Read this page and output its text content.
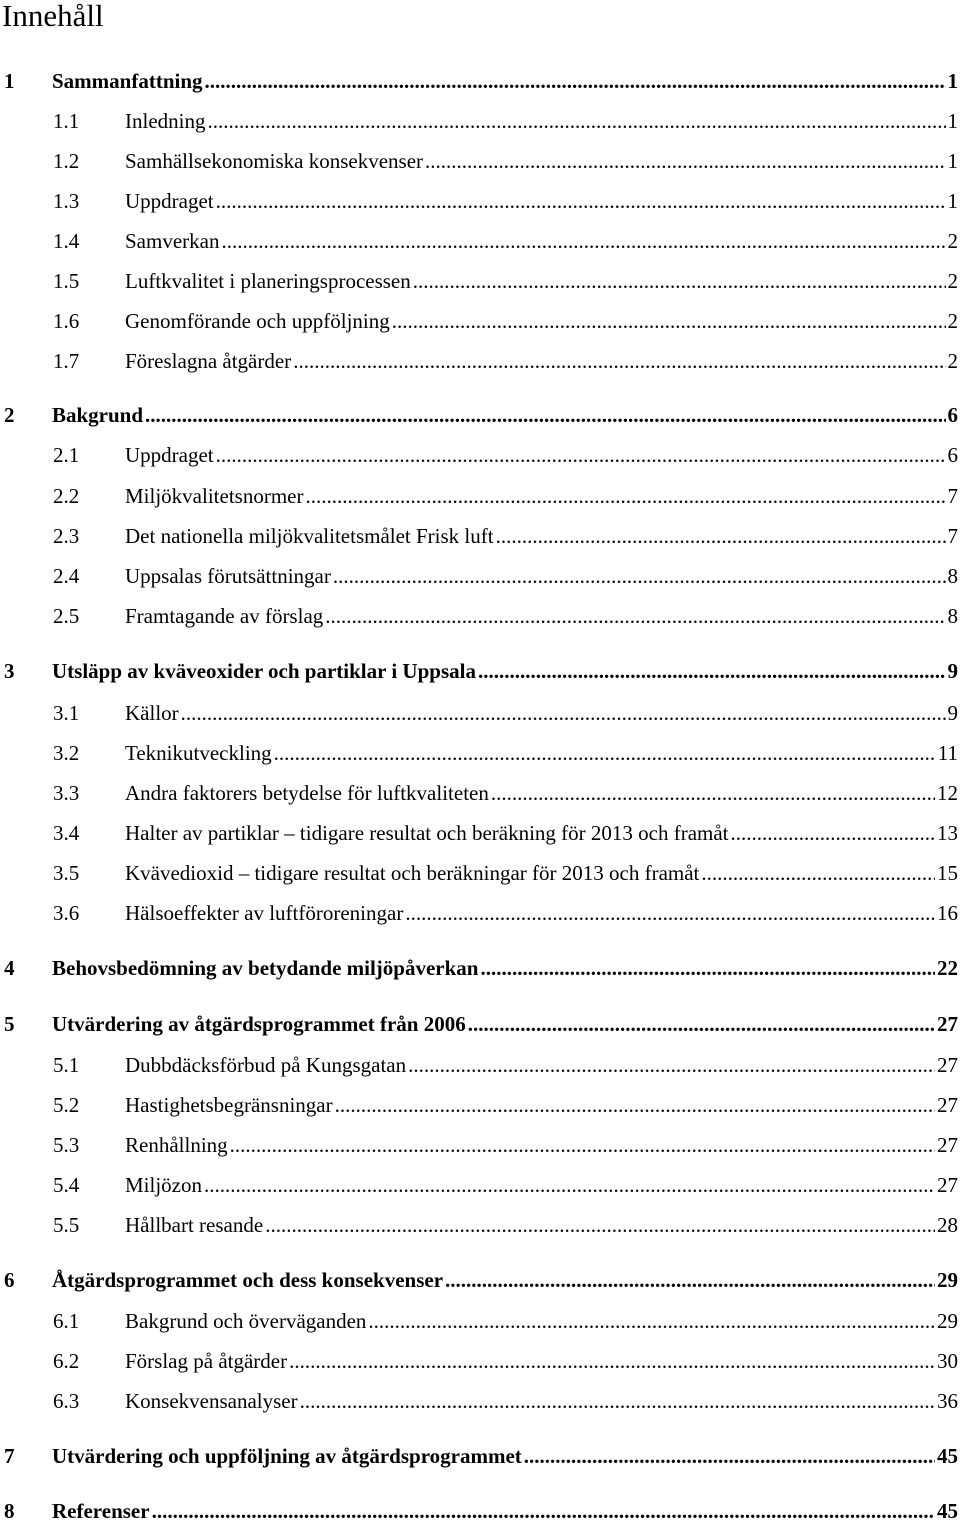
Innehåll
1	Sammanfattning .....	1
1.1	Inledning .....	1
1.2	Samhällsekonomiska konsekvenser .....	1
1.3	Uppdraget .....	1
1.4	Samverkan .....	2
1.5	Luftkvalitet i planeringsprocessen .....	2
1.6	Genomförande och uppföljning .....	2
1.7	Föreslagna åtgärder .....	2
2	Bakgrund .....	6
2.1	Uppdraget .....	6
2.2	Miljökvalitetsnormer .....	7
2.3	Det nationella miljökvalitetsmålet Frisk luft .....	7
2.4	Uppsalas förutsättningar .....	8
2.5	Framtagande av förslag .....	8
3	Utsläpp av kväveoxider och partiklar i Uppsala .....	9
3.1	Källor .....	9
3.2	Teknikutveckling .....	11
3.3	Andra faktorers betydelse för luftkvaliteten .....	12
3.4	Halter av partiklar – tidigare resultat och beräkning för 2013 och framåt .....	13
3.5	Kvävedioxid – tidigare resultat och beräkningar för 2013 och framåt .....	15
3.6	Hälsoeffekter av luftföroreningar .....	16
4	Behovsbedömning av betydande miljöpåverkan .....	22
5	Utvärdering av åtgärdsprogrammet från 2006 .....	27
5.1	Dubbdäcksförbud på Kungsgatan .....	27
5.2	Hastighetsbegränsningar .....	27
5.3	Renhållning .....	27
5.4	Miljözon .....	27
5.5	Hållbart resande .....	28
6	Åtgärdsprogrammet och dess konsekvenser .....	29
6.1	Bakgrund och överväganden .....	29
6.2	Förslag på åtgärder .....	30
6.3	Konsekvensanalyser .....	36
7	Utvärdering och uppföljning av åtgärdsprogrammet .....	45
8	Referenser .....	45
